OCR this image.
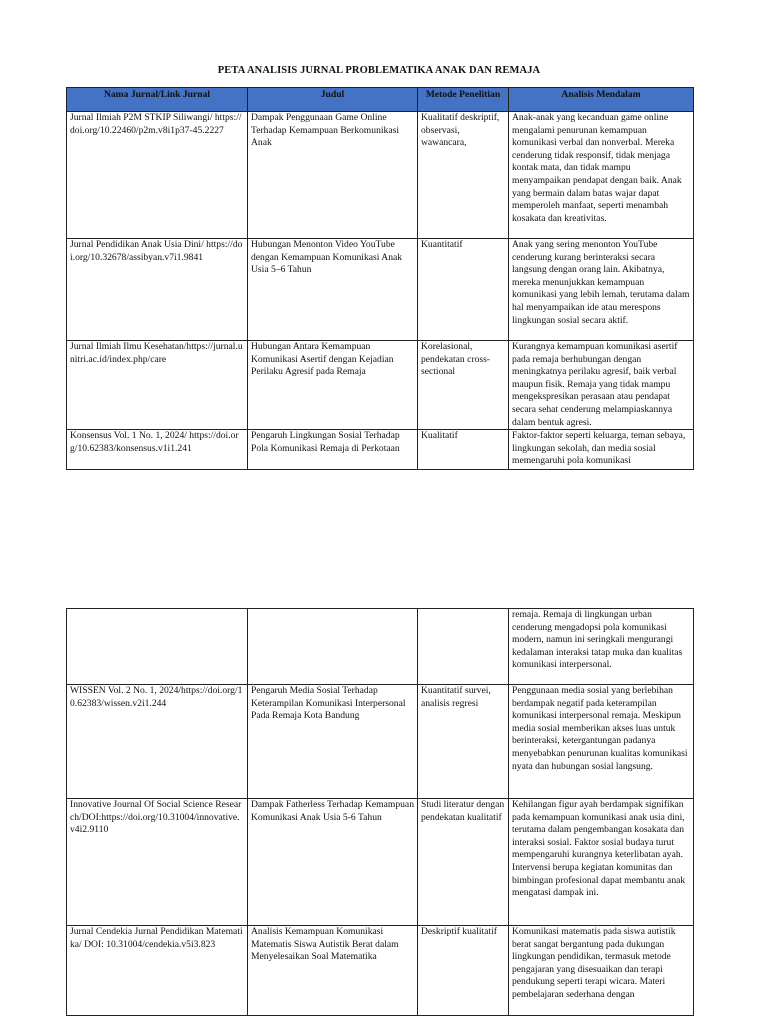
PETA ANALISIS JURNAL PROBLEMATIKA ANAK DAN REMAJA
Nama Jurnal/Link Jurnal	Judul	Metode Penelitian	Analisis Mendalam

Jurnal Ilmiah P2M STKIP Siliwangi/ https://doi.org/10.22460/p2m.v8i1p37-45.2227	Dampak Penggunaan Game Online Terhadap Kemampuan Berkomunikasi Anak	Kualitatif deskriptif, observasi, wawancara,	Anak-anak yang kecanduan game online mengalami penurunan kemampuan komunikasi verbal dan nonverbal. Mereka cenderung tidak responsif, tidak menjaga kontak mata, dan tidak mampu menyampaikan pendapat dengan baik. Anak yang bermain dalam batas wajar dapat memperoleh manfaat, seperti menambah kosakata dan kreativitas.

Jurnal Pendidikan Anak Usia Dini/ https://doi.org/10.32678/assibyan.v7i1.9841	Hubungan Menonton Video YouTube dengan Kemampuan Komunikasi Anak Usia 5–6 Tahun	Kuantitatif	Anak yang sering menonton YouTube cenderung kurang berinteraksi secara langsung dengan orang lain. Akibatnya, mereka menunjukkan kemampuan komunikasi yang lebih lemah, terutama dalam hal menyampaikan ide atau merespons lingkungan sosial secara aktif.

Jurnal Ilmiah Ilmu Kesehatan/https://jurnal.unitri.ac.id/index.php/care	Hubungan Antara Kemampuan Komunikasi Asertif dengan Kejadian Perilaku Agresif pada Remaja	Korelasional, pendekatan cross-sectional	Kurangnya kemampuan komunikasi asertif pada remaja berhubungan dengan meningkatnya perilaku agresif, baik verbal maupun fisik. Remaja yang tidak mampu mengekspresikan perasaan atau pendapat secara sehat cenderung melampiaskannya dalam bentuk agresi.

Konsensus Vol. 1 No. 1, 2024/ https://doi.org/10.62383/konsensus.v1i1.241	Pengaruh Lingkungan Sosial Terhadap Pola Komunikasi Remaja di Perkotaan	Kualitatif	Faktor-faktor seperti keluarga, teman sebaya, lingkungan sekolah, dan media sosial memengaruhi pola komunikasi
			remaja. Remaja di lingkungan urban cenderung mengadopsi pola komunikasi modern, namun ini seringkali mengurangi kedalaman interaksi tatap muka dan kualitas komunikasi interpersonal.

WISSEN Vol. 2 No. 1, 2024/https://doi.org/10.62383/wissen.v2i1.244	Pengaruh Media Sosial Terhadap Keterampilan Komunikasi Interpersonal Pada Remaja Kota Bandung	Kuantitatif survei, analisis regresi	Penggunaan media sosial yang berlebihan berdampak negatif pada keterampilan komunikasi interpersonal remaja. Meskipun media sosial memberikan akses luas untuk berinteraksi, ketergantungan padanya menyebabkan penurunan kualitas komunikasi nyata dan hubungan sosial langsung.

Innovative Journal Of Social Science Research/DOI:https://doi.org/10.31004/innovative.v4i2.9110	Dampak Fatherless Terhadap Kemampuan Komunikasi Anak Usia 5-6 Tahun	Studi literatur dengan pendekatan kualitatif	Kehilangan figur ayah berdampak signifikan pada kemampuan komunikasi anak usia dini, terutama dalam pengembangan kosakata dan interaksi sosial. Faktor sosial budaya turut mempengaruhi kurangnya keterlibatan ayah. Intervensi berupa kegiatan komunitas dan bimbingan profesional dapat membantu anak mengatasi dampak ini.

Jurnal Cendekia Jurnal Pendidikan Matematika/ DOI: 10.31004/cendekia.v5i3.823	Analisis Kemampuan Komunikasi Matematis Siswa Autistik Berat dalam Menyelesaikan Soal Matematika	Deskriptif kualitatif	Komunikasi matematis pada siswa autistik berat sangat bergantung pada dukungan lingkungan pendidikan, termasuk metode pengajaran yang disesuaikan dan terapi pendukung seperti terapi wicara. Materi pembelajaran sederhana dengan
